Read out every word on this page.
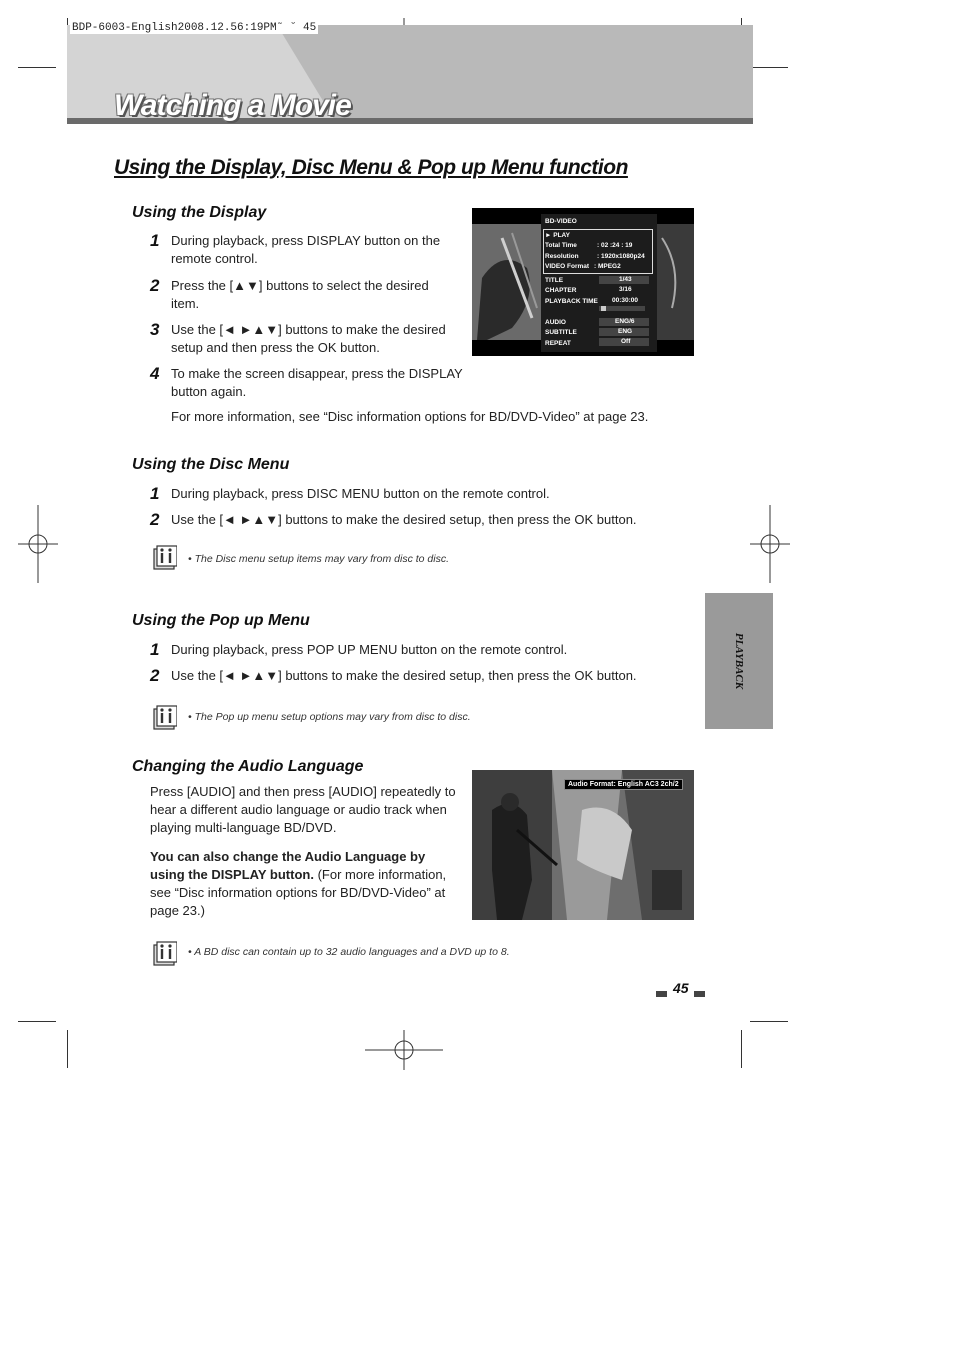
Watching a Movie
BDP-6003-English2008.12.56:19PM˜ ˘ 45
Using the Display, Disc Menu & Pop up Menu function
Using the Display
1 During playback, press DISPLAY button on the
remote control.
2 Press the [▲▼] buttons to select the desired
item.
3 Use the [◄ ►▲▼] buttons to make the desired
setup and then press the OK button.
4 To make the screen disappear, press the DISPLAY
button again.
For more information, see “Disc information options for BD/DVD-Video” at page 23.
BD-VIDEO
► PLAY
Total Time	: 02 :24 : 19
Resolution	: 1920x1080p24
VIDEO Format : MPEG2
TITLE	1/43
CHAPTER	3/16
PLAYBACK TIME 00:30:00
AUDIO	ENG/6
SUBTITLE	ENG
REPEAT	Off
Using the Disc Menu
1 During playback, press DISC MENU button on the remote control.
2 Use the [◄ ►▲▼] buttons to make the desired setup, then press the OK button.
• The Disc menu setup items may vary from disc to disc.
Using the Pop up Menu
1 During playback, press POP UP MENU button on the remote control.
2 Use the [◄ ►▲▼] buttons to make the desired setup, then press the OK button.
• The Pop up menu setup options may vary from disc to disc.
PLAYBACK
Changing the Audio Language
Press [AUDIO] and then press [AUDIO] repeatedly to
hear a different audio language or audio track when
playing multi-language BD/DVD.
You can also change the Audio Language by
using the DISPLAY button. (For more information,
see “Disc information options for BD/DVD-Video” at
page 23.)
Audio Format: English AC3 2ch/2
• A BD disc can contain up to 32 audio languages and a DVD up to 8.
45
